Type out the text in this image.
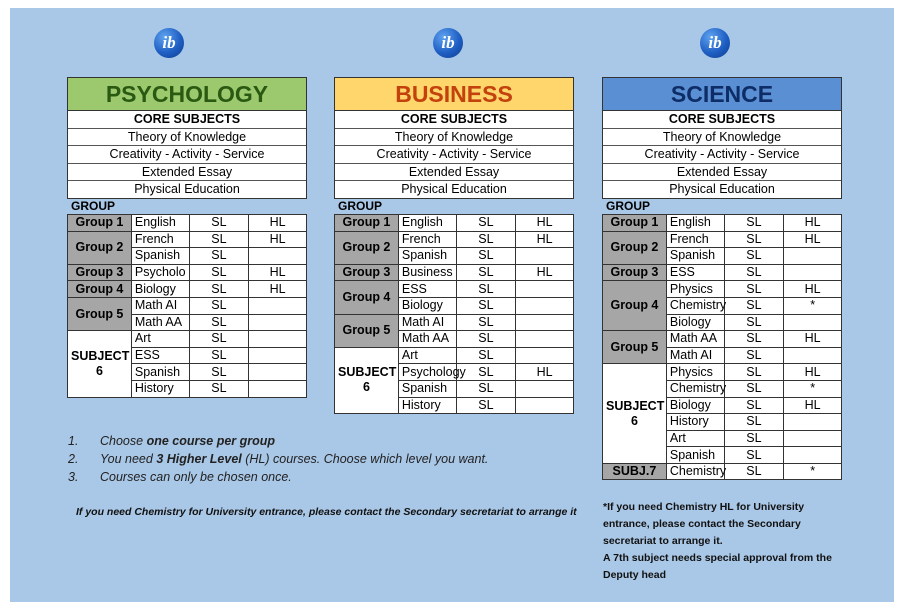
ib	ib	ib
PSYCHOLOGY
CORE SUBJECTS
Theory of Knowledge
Creativity - Activity - Service
Extended Essay
Physical Education
GROUP
Group 1	English	SL	HL
Group 2	French	SL	HL
	Spanish	SL	
Group 3	Psycholo	SL	HL
Group 4	Biology	SL	HL
Group 5	Math AI	SL	
	Math AA	SL	

SUBJECT
6	Art	SL	
	ESS	SL	
	Spanish	SL	
	History	SL	
BUSINESS
CORE SUBJECTS
Theory of Knowledge
Creativity - Activity - Service
Extended Essay
Physical Education
GROUP
Group 1	English	SL	HL
Group 2	French	SL	HL
	Spanish	SL	
Group 3	Business	SL	HL
Group 4	ESS	SL	
	Biology	SL	
Group 5	Math AI	SL	
	Math AA	SL	

SUBJECT
6	Art	SL	
	Psychology	SL	HL
	Spanish	SL	
	History	SL	
SCIENCE
CORE SUBJECTS
Theory of Knowledge
Creativity - Activity - Service
Extended Essay
Physical Education
GROUP
Group 1	English	SL	HL
Group 2	French	SL	HL
	Spanish	SL	
Group 3	ESS	SL	
Group 4	Physics	SL	HL
	Chemistry	SL	*
	Biology	SL	
Group 5	Math AA	SL	HL
	Math AI	SL	

SUBJECT
6	Physics	SL	HL
	Chemistry	SL	*
	Biology	SL	HL
	History	SL	
	Art	SL	
	Spanish	SL	
SUBJ.7	Chemistry	SL	*
1. Choose one course per group
2. You need 3 Higher Level (HL) courses. Choose which level you want.
3. Courses can only be chosen once.
If you need Chemistry for University entrance, please contact the Secondary secretariat to arrange it	*If you need Chemistry HL for University
entrance, please contact the Secondary
secretariat to arrange it.
A 7th subject needs special approval from the
Deputy head
